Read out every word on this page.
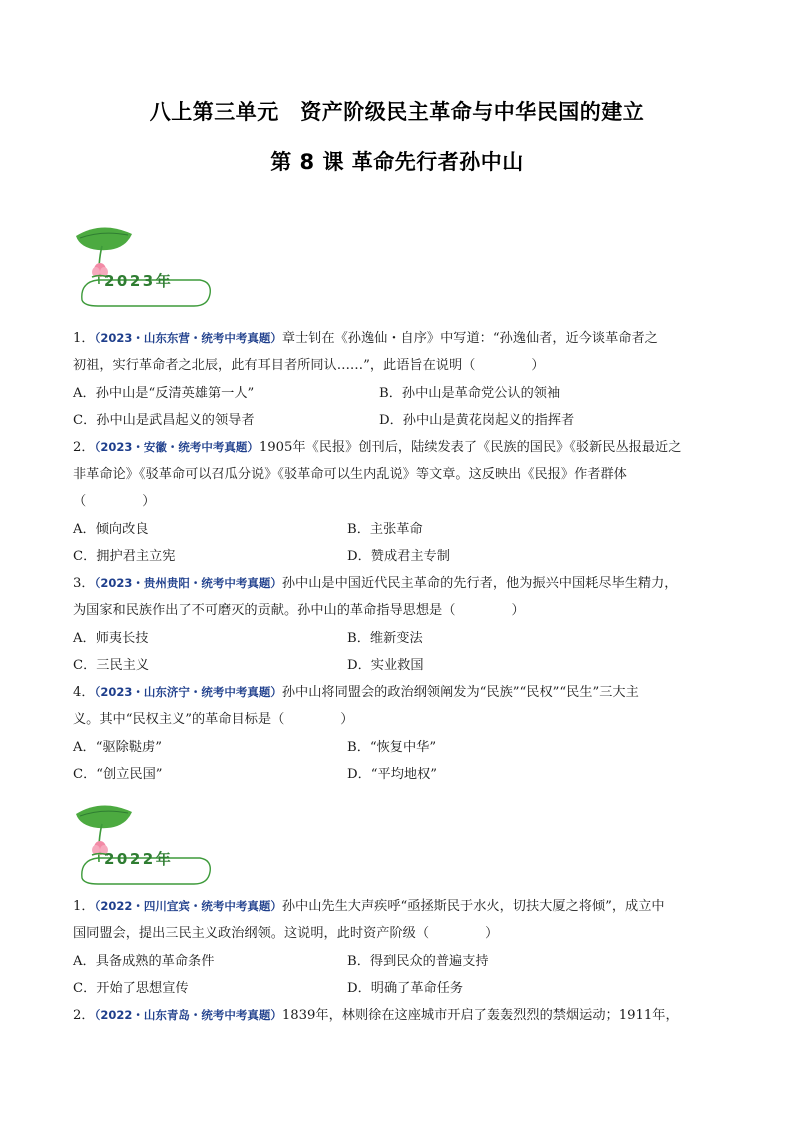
八上第三单元　资产阶级民主革命与中华民国的建立
第 8 课 革命先行者孙中山
2023年
1．（2023・山东东营・统考中考真题）章士钊在《孙逸仙・自序》中写道：“孙逸仙者，近今谈革命者之
初祖，实行革命者之北辰，此有耳目者所同认……”，此语旨在说明（	）
A．孙中山是“反清英雄第一人”	B．孙中山是革命党公认的领袖
C．孙中山是武昌起义的领导者	D．孙中山是黄花岗起义的指挥者
2．（2023・安徽・统考中考真题）1905年《民报》创刊后，陆续发表了《民族的国民》《驳新民丛报最近之
非革命论》《驳革命可以召瓜分说》《驳革命可以生内乱说》等文章。这反映出《民报》作者群体
（	）
A．倾向改良	B．主张革命
C．拥护君主立宪	D．赞成君主专制
3．（2023・贵州贵阳・统考中考真题）孙中山是中国近代民主革命的先行者，他为振兴中国耗尽毕生精力，
为国家和民族作出了不可磨灭的贡献。孙中山的革命指导思想是（	）
A．师夷长技	B．维新变法
C．三民主义	D．实业救国
4．（2023・山东济宁・统考中考真题）孙中山将同盟会的政治纲领阐发为“民族”“民权”“民生”三大主
义。其中“民权主义”的革命目标是（	）
A．“驱除鞑虏”	B．“恢复中华”
C．“创立民国”	D．“平均地权”
2022年
1．（2022・四川宜宾・统考中考真题）孙中山先生大声疾呼“亟拯斯民于水火，切扶大厦之将倾”，成立中
国同盟会，提出三民主义政治纲领。这说明，此时资产阶级（	）
A．具备成熟的革命条件	B．得到民众的普遍支持
C．开始了思想宣传	D．明确了革命任务
2．（2022・山东青岛・统考中考真题）1839年，林则徐在这座城市开启了轰轰烈烈的禁烟运动；1911年，
